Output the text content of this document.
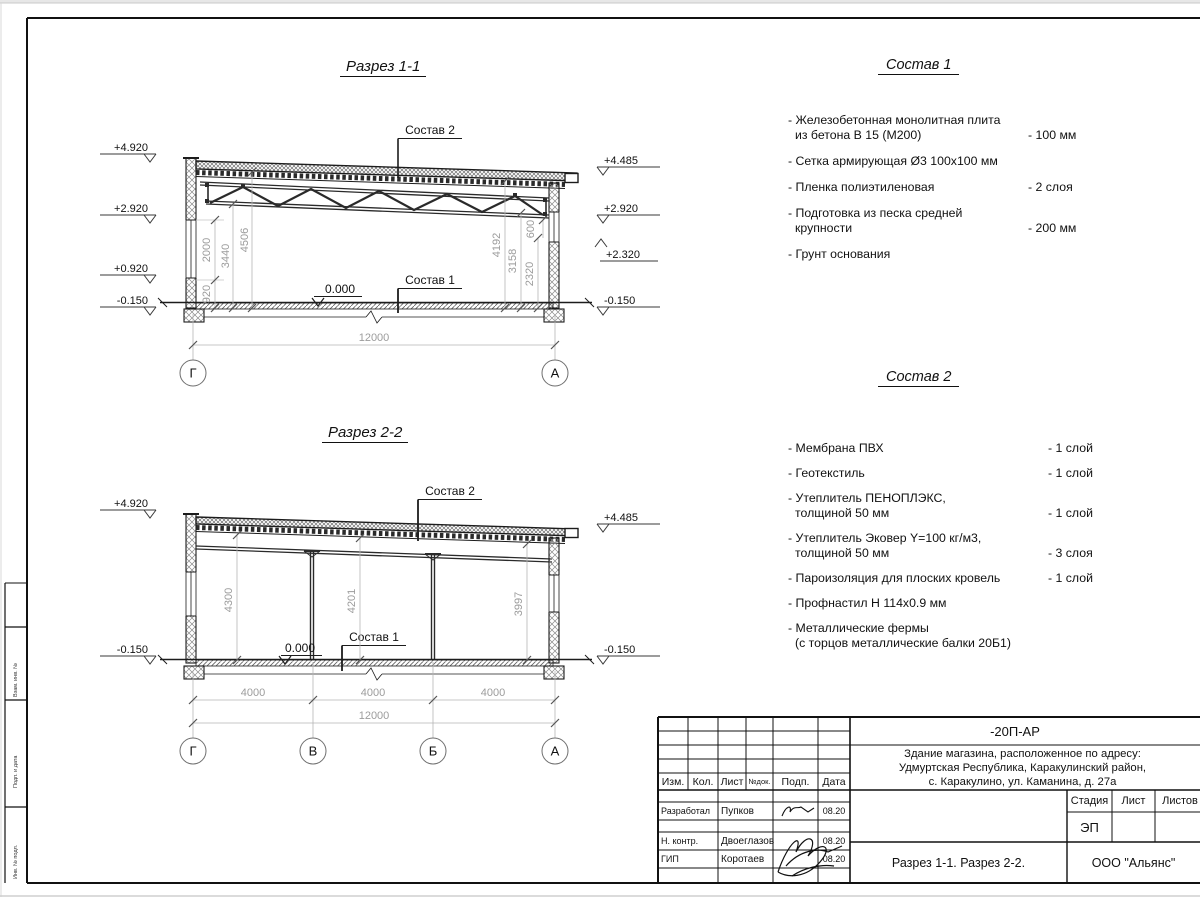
Состав 2
Состав 1
0.000
+4.920
+2.920
+0.920
-0.150
+4.485
+2.920
+2.320
-0.150
920
2000 3440
4506	4192
3158
2320
600
12000
Г	А
Состав 2
Состав 1
0.000
+4.920
-0.150
+4.485
-0.150
4300	4201	3997
4000	4000	4000
12000
Г	В	Б	А
Разрез 1-1
Разрез 2-2
Состав 1
- Железобетонная монолитная плита
из бетона В 15 (М200)	- 100 мм
- Сетка армирующая Ø3 100x100 мм
- Пленка полиэтиленовая	- 2 слоя
- Подготовка из песка средней
крупности	- 200 мм
- Грунт основания
Состав 2
- Мембрана ПВХ	- 1 слой
- Геотекстиль	- 1 слой
- Утеплитель ПЕНОПЛЭКС,
толщиной 50 мм	- 1 слой
- Утеплитель Эковер Y=100 кг/м3,
толщиной 50 мм	- 3 слоя
- Пароизоляция для плоских кровель	- 1 слой
- Профнастил Н 114x0.9 мм
- Металлические фермы
(с торцов металлические балки 20Б1)
Изм. Кол. Лист №док.	Подп.	Дата
Разработал	Пупков	08.20
Н. контр.	Двоеглазов	08.20
ГИП	Коротаев	08.20
-20П-АР
Здание магазина, расположенное по адресу:
Удмуртская Республика, Каракулинский район,
с. Каракулино, ул. Каманина, д. 27а
Стадия	Лист	Листов
ЭП
Разрез 1-1. Разрез 2-2.	ООО "Альянс"
Взам. инв. №
Подп. и дата
Инв. № подл.
